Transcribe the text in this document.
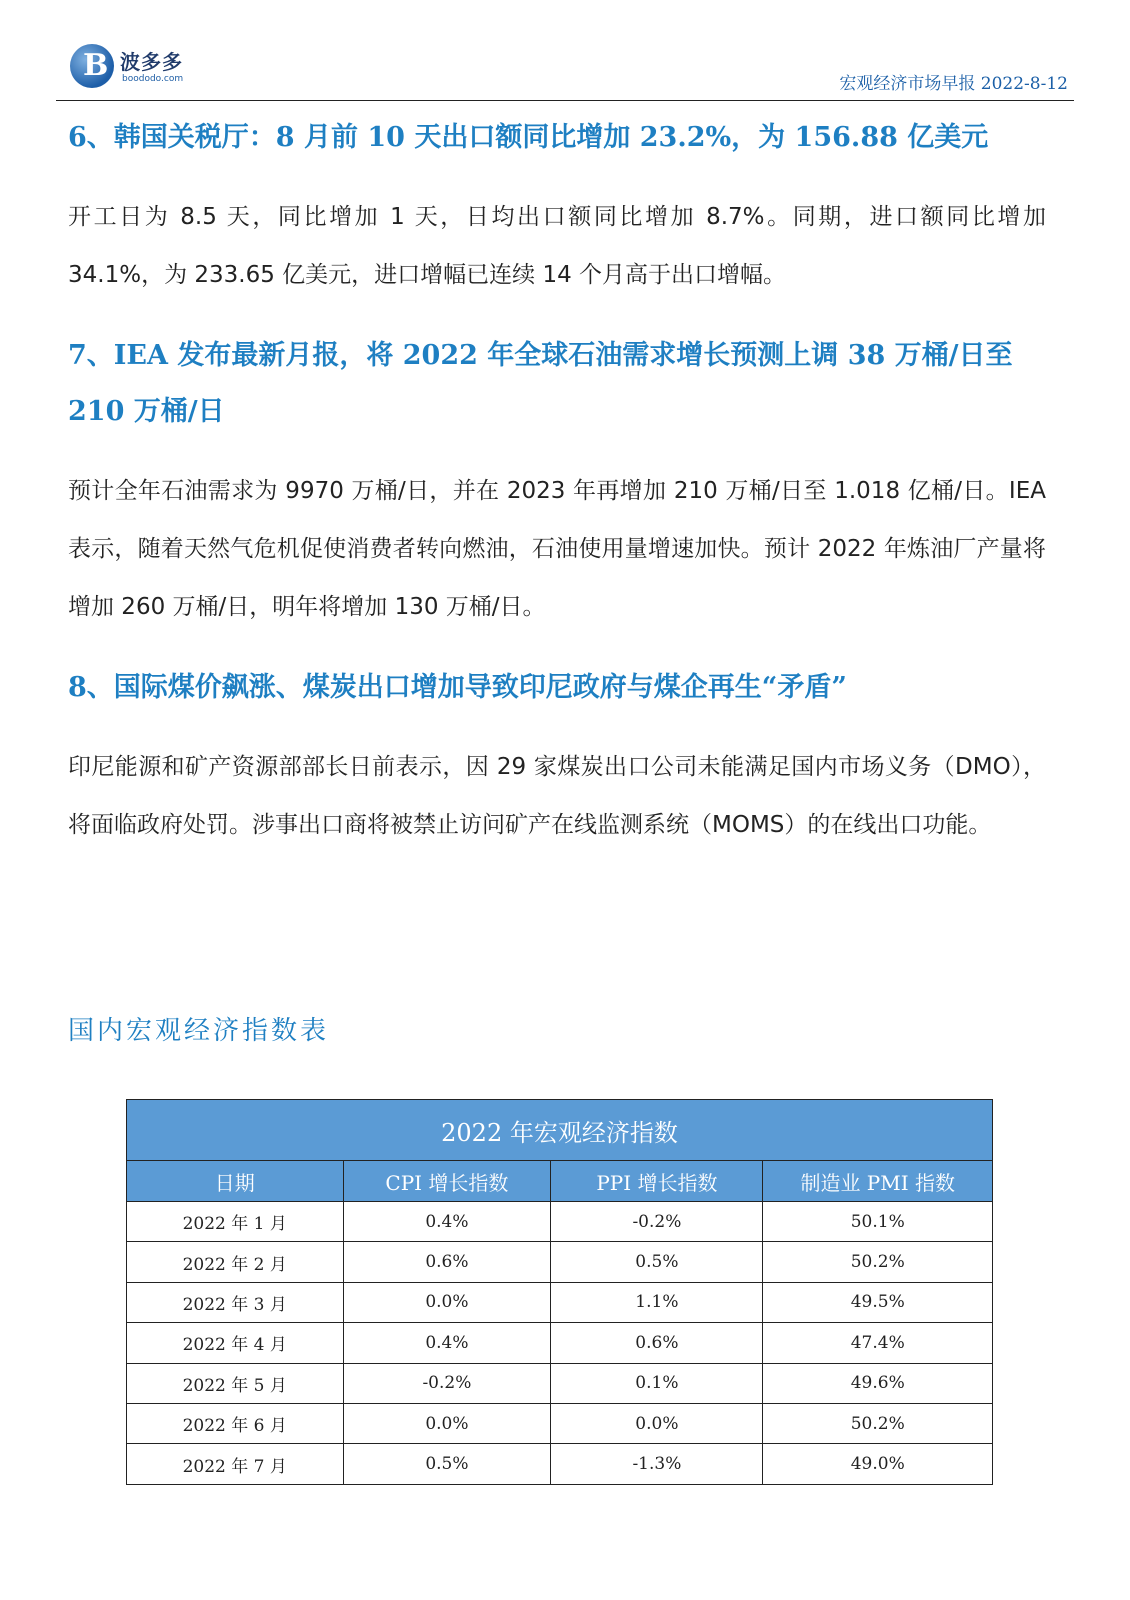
B 波多多
boododo.com	宏观经济市场早报 2022-8-12
6、韩国关税厅：8 月前 10 天出口额同比增加 23.2%，为 156.88 亿美元

开工日为 8.5 天，同比增加 1 天，日均出口额同比增加 8.7%。同期，进口额同比增加 34.1%，为 233.65 亿美元，进口增幅已连续 14 个月高于出口增幅。

7、IEA 发布最新月报，将 2022 年全球石油需求增长预测上调 38 万桶/日至 210 万桶/日

预计全年石油需求为 9970 万桶/日，并在 2023 年再增加 210 万桶/日至 1.018 亿桶/日。IEA 表示，随着天然气危机促使消费者转向燃油，石油使用量增速加快。预计 2022 年炼油厂产量将增加 260 万桶/日，明年将增加 130 万桶/日。

8、国际煤价飙涨、煤炭出口增加导致印尼政府与煤企再生“矛盾”

印尼能源和矿产资源部部长日前表示，因 29 家煤炭出口公司未能满足国内市场义务（DMO），将面临政府处罚。涉事出口商将被禁止访问矿产在线监测系统（MOMS）的在线出口功能。

国内宏观经济指数表
2022 年宏观经济指数			
日期	CPI 增长指数	PPI 增长指数	制造业 PMI 指数
2022 年 1 月	0.4%	-0.2%	50.1%
2022 年 2 月	0.6%	0.5%	50.2%
2022 年 3 月	0.0%	1.1%	49.5%
2022 年 4 月	0.4%	0.6%	47.4%
2022 年 5 月	-0.2%	0.1%	49.6%
2022 年 6 月	0.0%	0.0%	50.2%
2022 年 7 月	0.5%	-1.3%	49.0%
